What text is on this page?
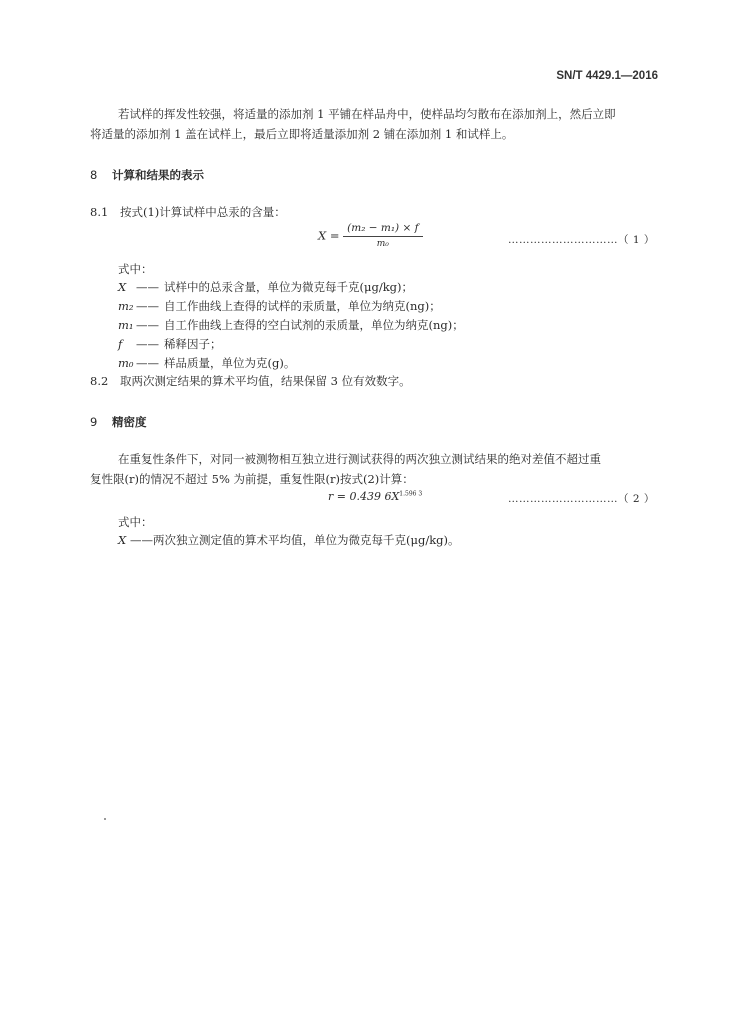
SN/T 4429.1—2016
若试样的挥发性较强，将适量的添加剂 1 平铺在样品舟中，使样品均匀散布在添加剂上，然后立即
将适量的添加剂 1 盖在试样上，最后立即将适量添加剂 2 铺在添加剂 1 和试样上。
8 计算和结果的表示
8.1 按式(1)计算试样中总汞的含量：
$X = \frac{\text{(m₂ − m₁) × f}}{\text{m₀}}$	…………………………（ 1 ）
式中：
X —— 试样中的总汞含量，单位为微克每千克(μg/kg)；
m₂ —— 自工作曲线上查得的试样的汞质量，单位为纳克(ng)；
m₁ —— 自工作曲线上查得的空白试剂的汞质量，单位为纳克(ng)；
f —— 稀释因子；
m₀ —— 样品质量，单位为克(g)。
8.2 取两次测定结果的算术平均值，结果保留 3 位有效数字。
9 精密度
在重复性条件下，对同一被测物相互独立进行测试获得的两次独立测试结果的绝对差值不超过重
复性限(r)的情况不超过 5% 为前提，重复性限(r)按式(2)计算：
r = 0.439 $6X^{1.596 3}$	…………………………（ 2 ）
式中：
X ——两次独立测定值的算术平均值，单位为微克每千克(μg/kg)。
